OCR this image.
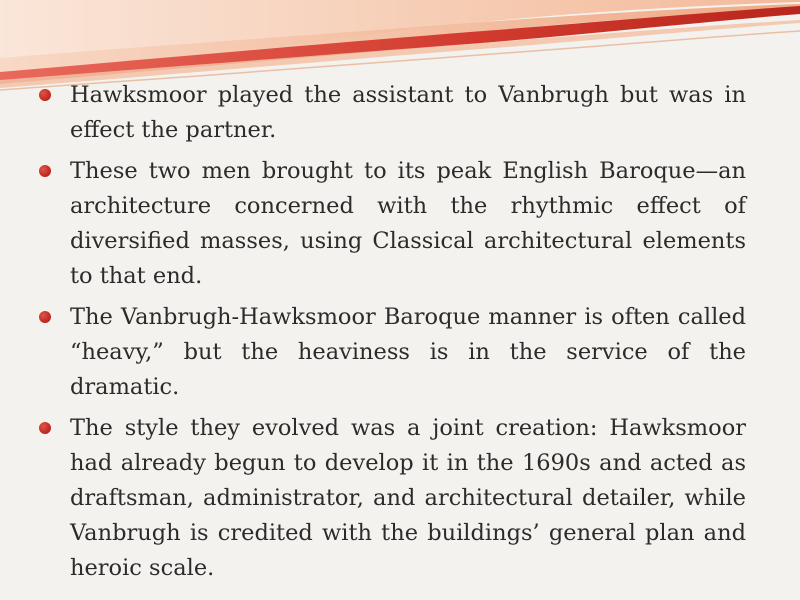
Hawksmoor played the assistant to Vanbrugh but was in effect the partner.
These two men brought to its peak English Baroque—an architecture concerned with the rhythmic effect of diversified masses, using Classical architectural elements to that end.
The Vanbrugh-Hawksmoor Baroque manner is often called “heavy,” but the heaviness is in the service of the dramatic.
The style they evolved was a joint creation: Hawksmoor had already begun to develop it in the 1690s and acted as draftsman, administrator, and architectural detailer, while Vanbrugh is credited with the buildings’ general plan and heroic scale.
